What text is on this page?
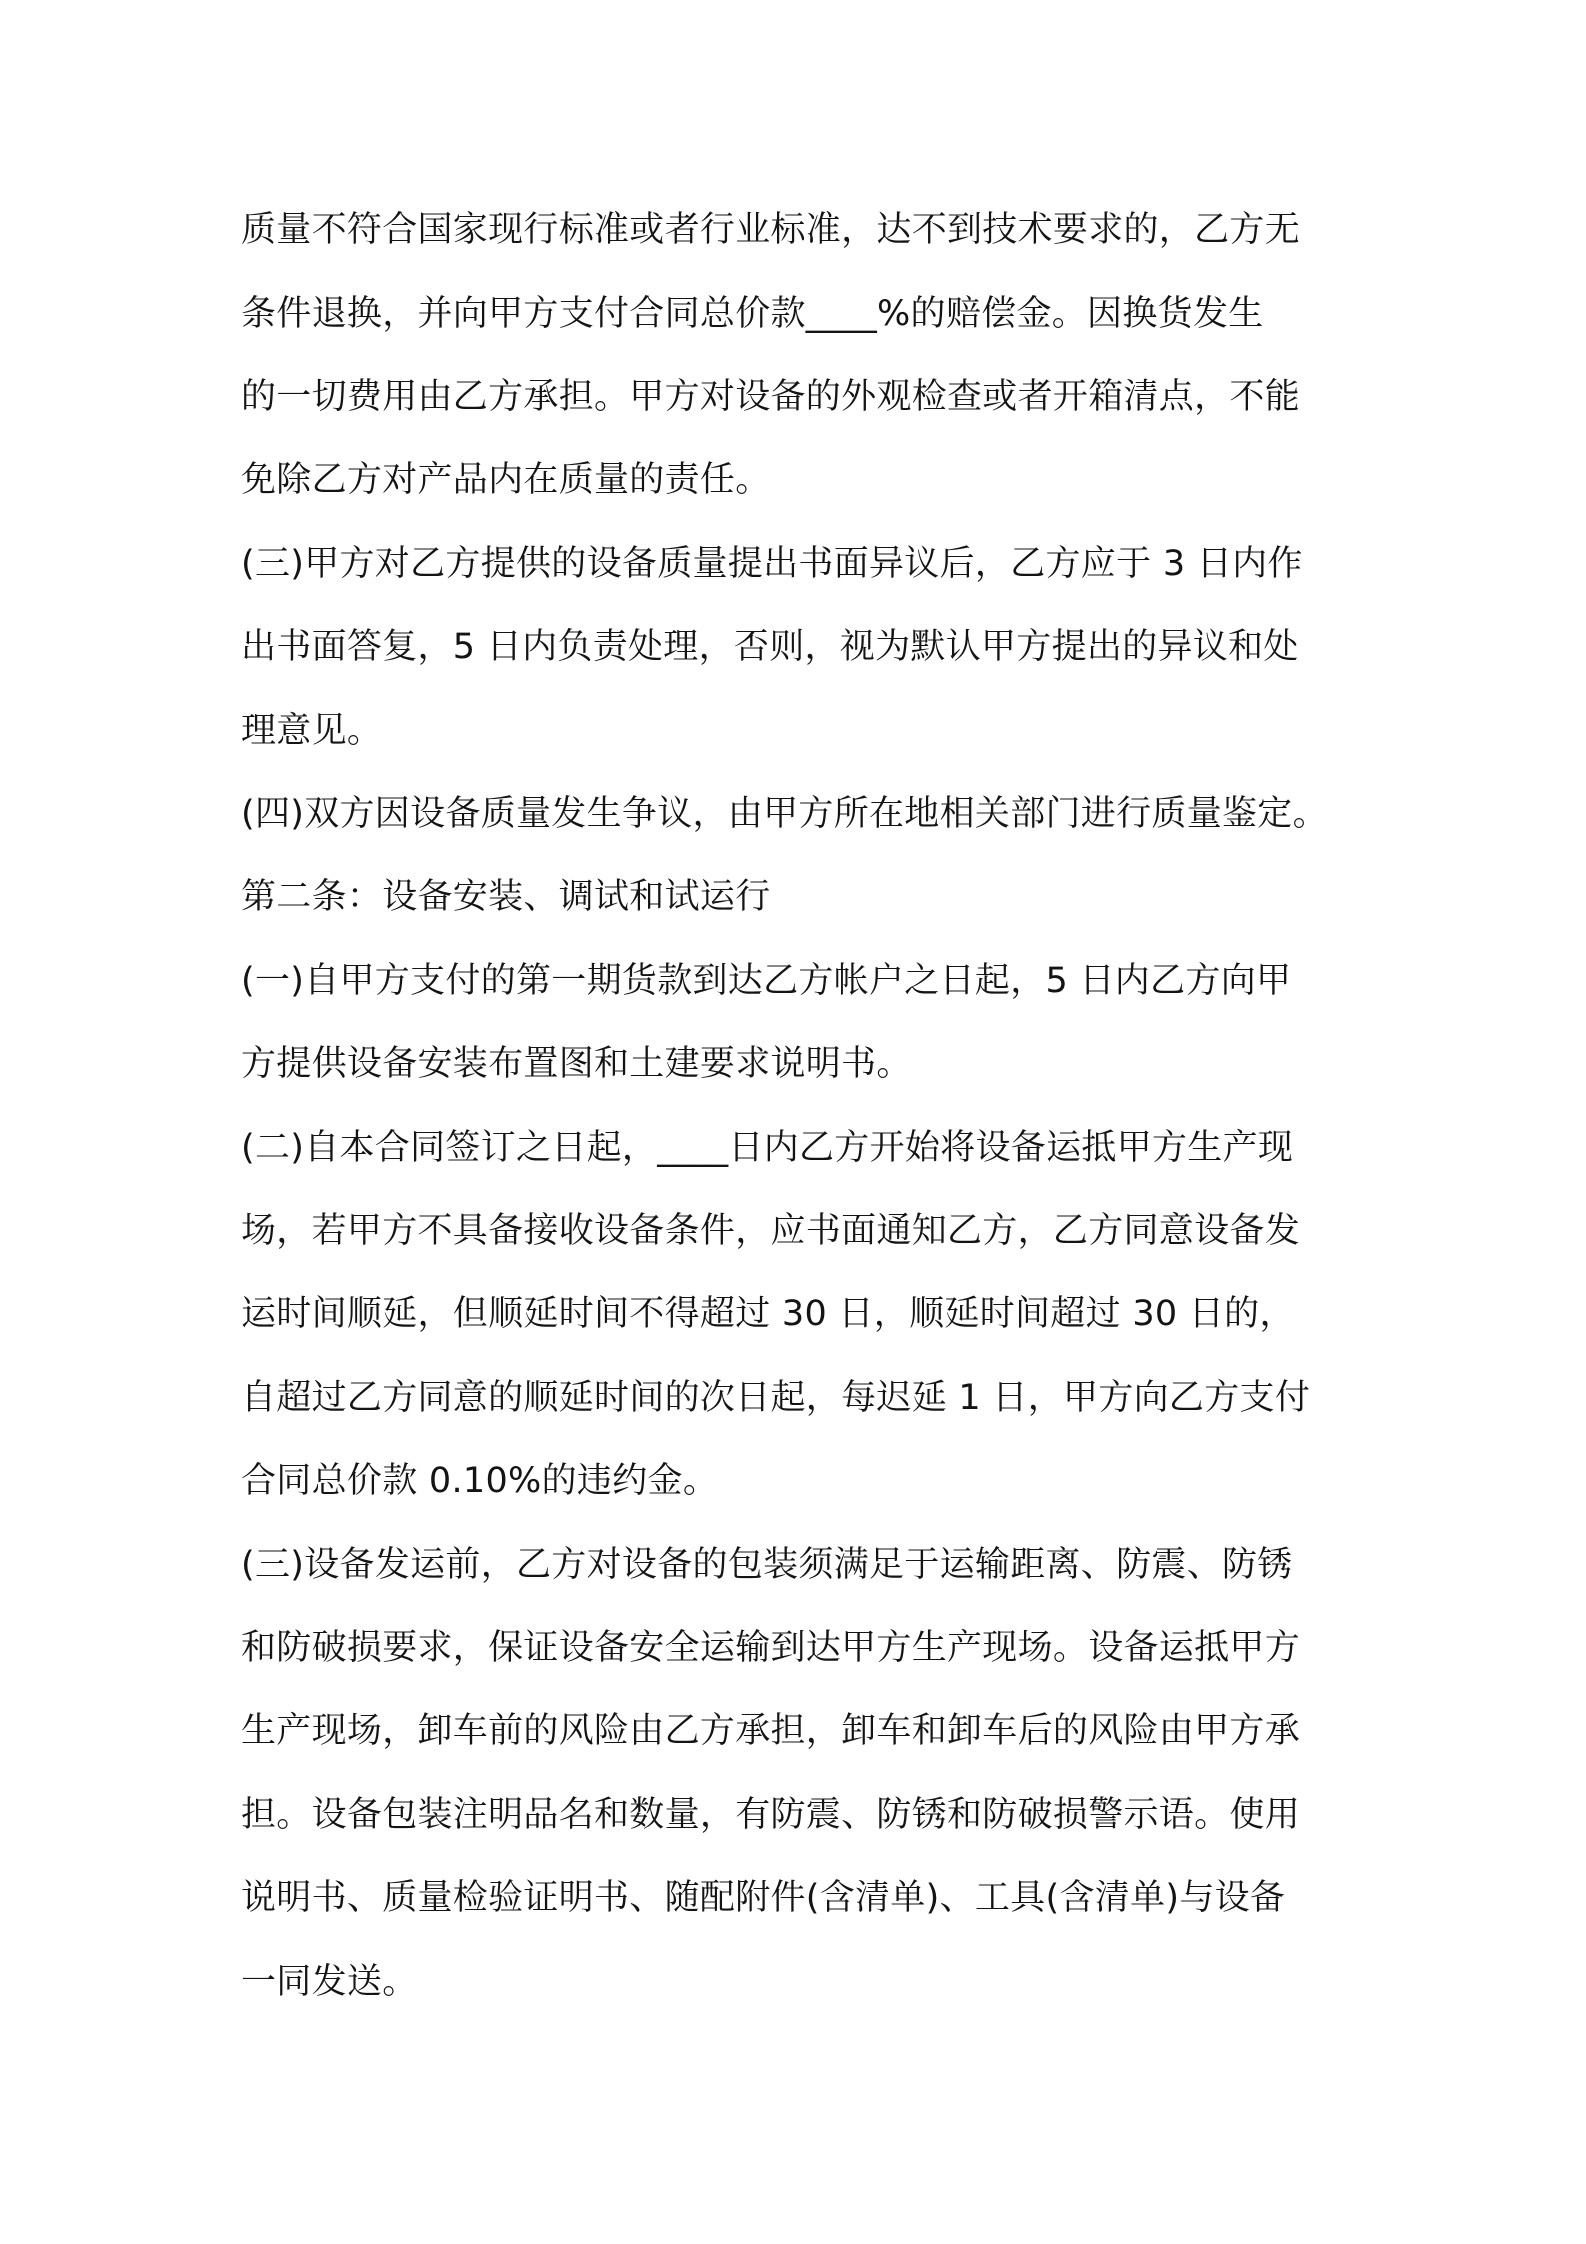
质量不符合国家现行标准或者行业标准，达不到技术要求的，乙方无
条件退换，并向甲方支付合同总价款____%的赔偿金。因换货发生
的一切费用由乙方承担。甲方对设备的外观检查或者开箱清点，不能
免除乙方对产品内在质量的责任。
(三)甲方对乙方提供的设备质量提出书面异议后，乙方应于 3 日内作
出书面答复，5 日内负责处理，否则，视为默认甲方提出的异议和处
理意见。
(四)双方因设备质量发生争议，由甲方所在地相关部门进行质量鉴定。
第二条：设备安装、调试和试运行
(一)自甲方支付的第一期货款到达乙方帐户之日起，5 日内乙方向甲
方提供设备安装布置图和土建要求说明书。
(二)自本合同签订之日起，____日内乙方开始将设备运抵甲方生产现
场，若甲方不具备接收设备条件，应书面通知乙方，乙方同意设备发
运时间顺延，但顺延时间不得超过 30 日，顺延时间超过 30 日的，
自超过乙方同意的顺延时间的次日起，每迟延 1 日，甲方向乙方支付
合同总价款 0.10%的违约金。
(三)设备发运前，乙方对设备的包装须满足于运输距离、防震、防锈
和防破损要求，保证设备安全运输到达甲方生产现场。设备运抵甲方
生产现场，卸车前的风险由乙方承担，卸车和卸车后的风险由甲方承
担。设备包装注明品名和数量，有防震、防锈和防破损警示语。使用
说明书、质量检验证明书、随配附件(含清单)、工具(含清单)与设备
一同发送。
